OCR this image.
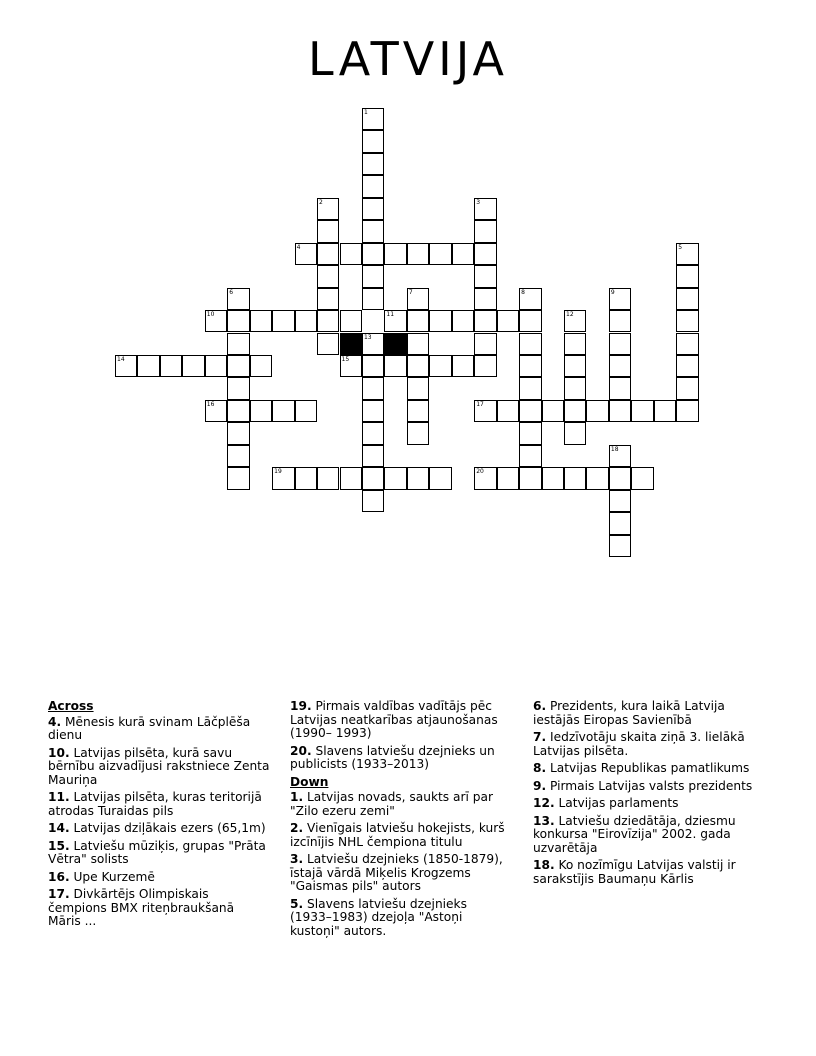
LATVIJA
1
2	3
4	5
6	7	8	9
10	11	12
13
14	15
16	17
18
19	20
Across
4. Mēnesis kurā svinam Lāčplēša dienu
10. Latvijas pilsēta, kurā savu bērnību aizvadījusi rakstniece Zenta Mauriņa
11. Latvijas pilsēta, kuras teritorijā atrodas Turaidas pils
14. Latvijas dziļākais ezers (65,1m)
15. Latviešu mūziķis, grupas "Prāta Vētra" solists
16. Upe Kurzemē
17. Divkārtējs Olimpiskais čempions BMX riteņbraukšanā Māris ...
19. Pirmais valdības vadītājs pēc Latvijas neatkarības atjaunošanas (1990– 1993)
20. Slavens latviešu dzejnieks un publicists (1933–2013)
Down
1. Latvijas novads, saukts arī par "Zilo ezeru zemi"
2. Vienīgais latviešu hokejists, kurš izcīnījis NHL čempiona titulu
3. Latviešu dzejnieks (1850-1879), īstajā vārdā Miķelis Krogzems "Gaismas pils" autors
5. Slavens latviešu dzejnieks (1933–1983) dzejoļa "Astoņi kustoņi" autors.
6. Prezidents, kura laikā Latvija iestājās Eiropas Savienībā
7. Iedzīvotāju skaita ziņā 3. lielākā Latvijas pilsēta.
8. Latvijas Republikas pamatlikums
9. Pirmais Latvijas valsts prezidents
12. Latvijas parlaments
13. Latviešu dziedātāja, dziesmu konkursa "Eirovīzija" 2002. gada uzvarētāja
18. Ko nozīmīgu Latvijas valstij ir sarakstījis Baumaņu Kārlis
